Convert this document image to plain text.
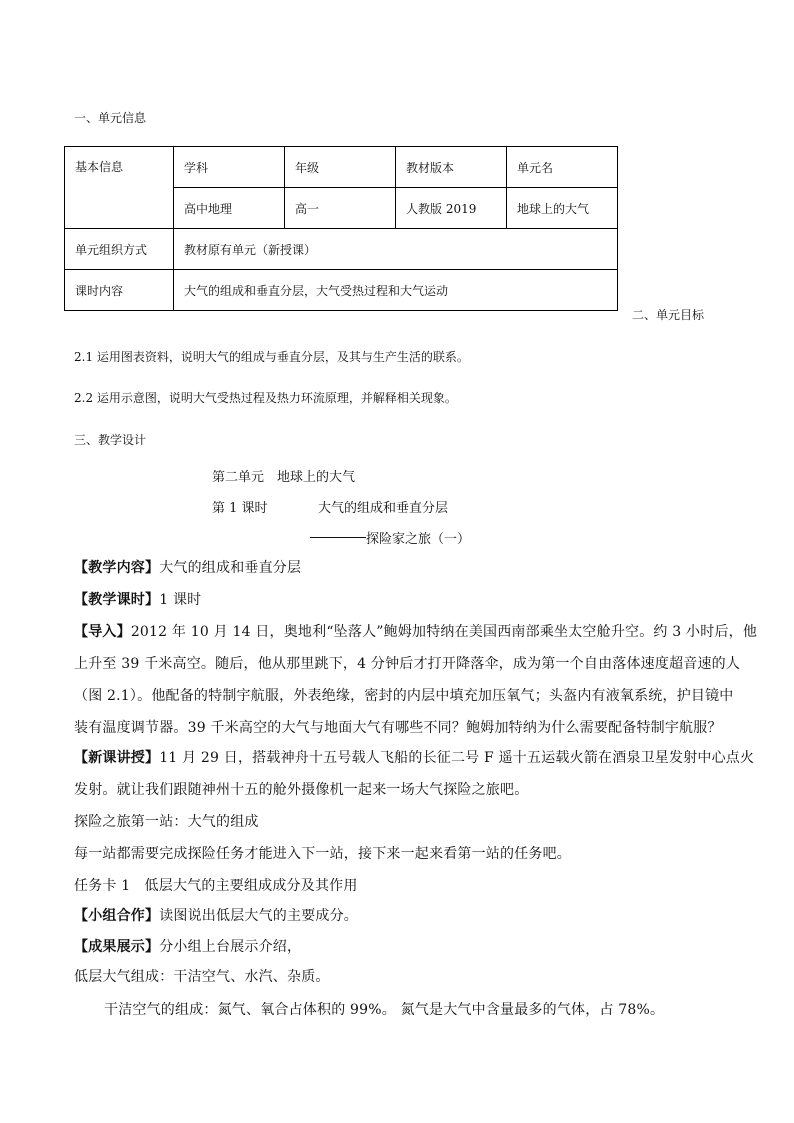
一、单元信息
基本信息	学科	年级	教材版本	单元名
	高中地理	高一	人教版 2019	地球上的大气
单元组织方式	教材原有单元（新授课）			
课时内容	大气的组成和垂直分层，大气受热过程和大气运动			
二、单元目标
2.1 运用图表资料，说明大气的组成与垂直分层，及其与生产生活的联系。
2.2 运用示意图，说明大气受热过程及热力环流原理，并解释相关现象。
三、教学设计
第二单元　地球上的大气
第 1 课时	大气的组成和垂直分层
探险家之旅（一）

【教学内容】大气的组成和垂直分层

【教学课时】1 课时

【导入】2012 年 10 月 14 日，奥地利“坠落人”鲍姆加特纳在美国西南部乘坐太空舱升空。约 3 小时后，他

上升至 39 千米高空。随后，他从那里跳下，4 分钟后才打开降落伞，成为第一个自由落体速度超音速的人

（图 2.1）。他配备的特制宇航服，外表绝缘，密封的内层中填充加压氧气；头盔内有液氧系统，护目镜中

装有温度调节器。39 千米高空的大气与地面大气有哪些不同？鲍姆加特纳为什么需要配备特制宇航服？

【新课讲授】11 月 29 日，搭载神舟十五号载人飞船的长征二号 F 遥十五运载火箭在酒泉卫星发射中心点火

发射。就让我们跟随神州十五的舱外摄像机一起来一场大气探险之旅吧。

探险之旅第一站：大气的组成

每一站都需要完成探险任务才能进入下一站，接下来一起来看第一站的任务吧。

任务卡 1　低层大气的主要组成成分及其作用

【小组合作】读图说出低层大气的主要成分。

【成果展示】分小组上台展示介绍，

低层大气组成：干洁空气、水汽、杂质。

干洁空气的组成：氮气、氧合占体积的 99%。 氮气是大气中含量最多的气体，占 78%。
